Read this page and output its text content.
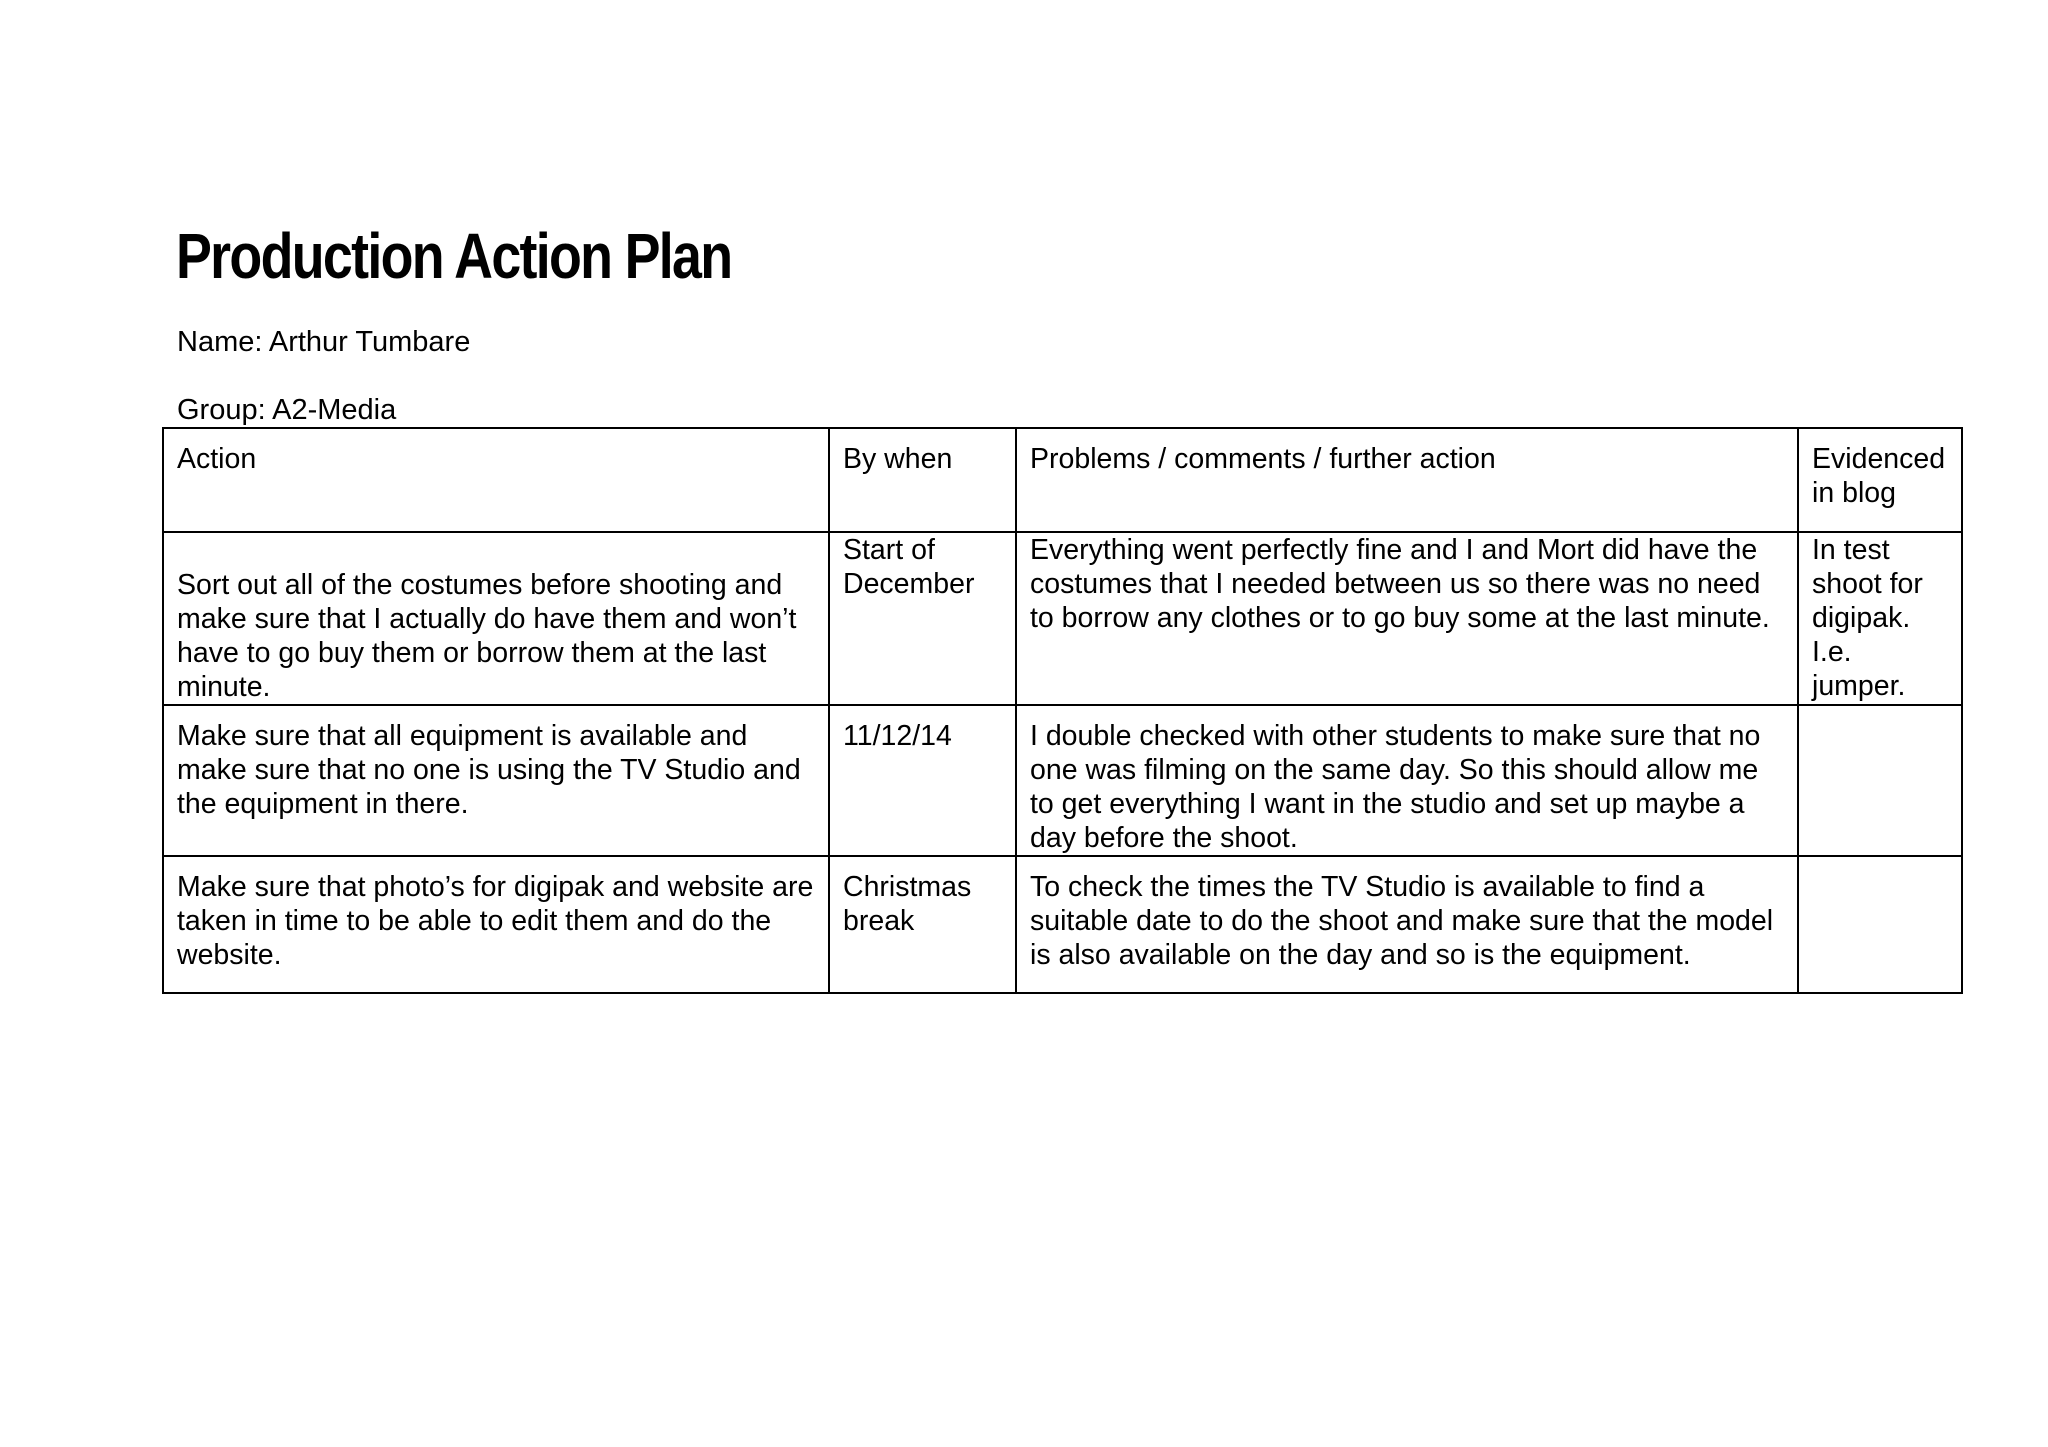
Production Action Plan
Name: Arthur Tumbare
Group: A2-Media
Action	By when	Problems / comments / further action	Evidenced in blog

Sort out all of the costumes before shooting and make sure that I actually do have them and won’t have to go buy them or borrow them at the last minute.	Start of December	Everything went perfectly fine and I and Mort did have the costumes that I needed between us so there was no need to borrow any clothes or to go buy some at the last minute.	In test shoot for digipak. I.e. jumper.
Make sure that all equipment is available and make sure that no one is using the TV Studio and the equipment in there.	11/12/14	I double checked with other students to make sure that no one was filming on the same day. So this should allow me to get everything I want in the studio and set up maybe a day before the shoot.	
Make sure that photo’s for digipak and website are taken in time to be able to edit them and do the website.	Christmas break	To check the times the TV Studio is available to find a suitable date to do the shoot and make sure that the model is also available on the day and so is the equipment.	
